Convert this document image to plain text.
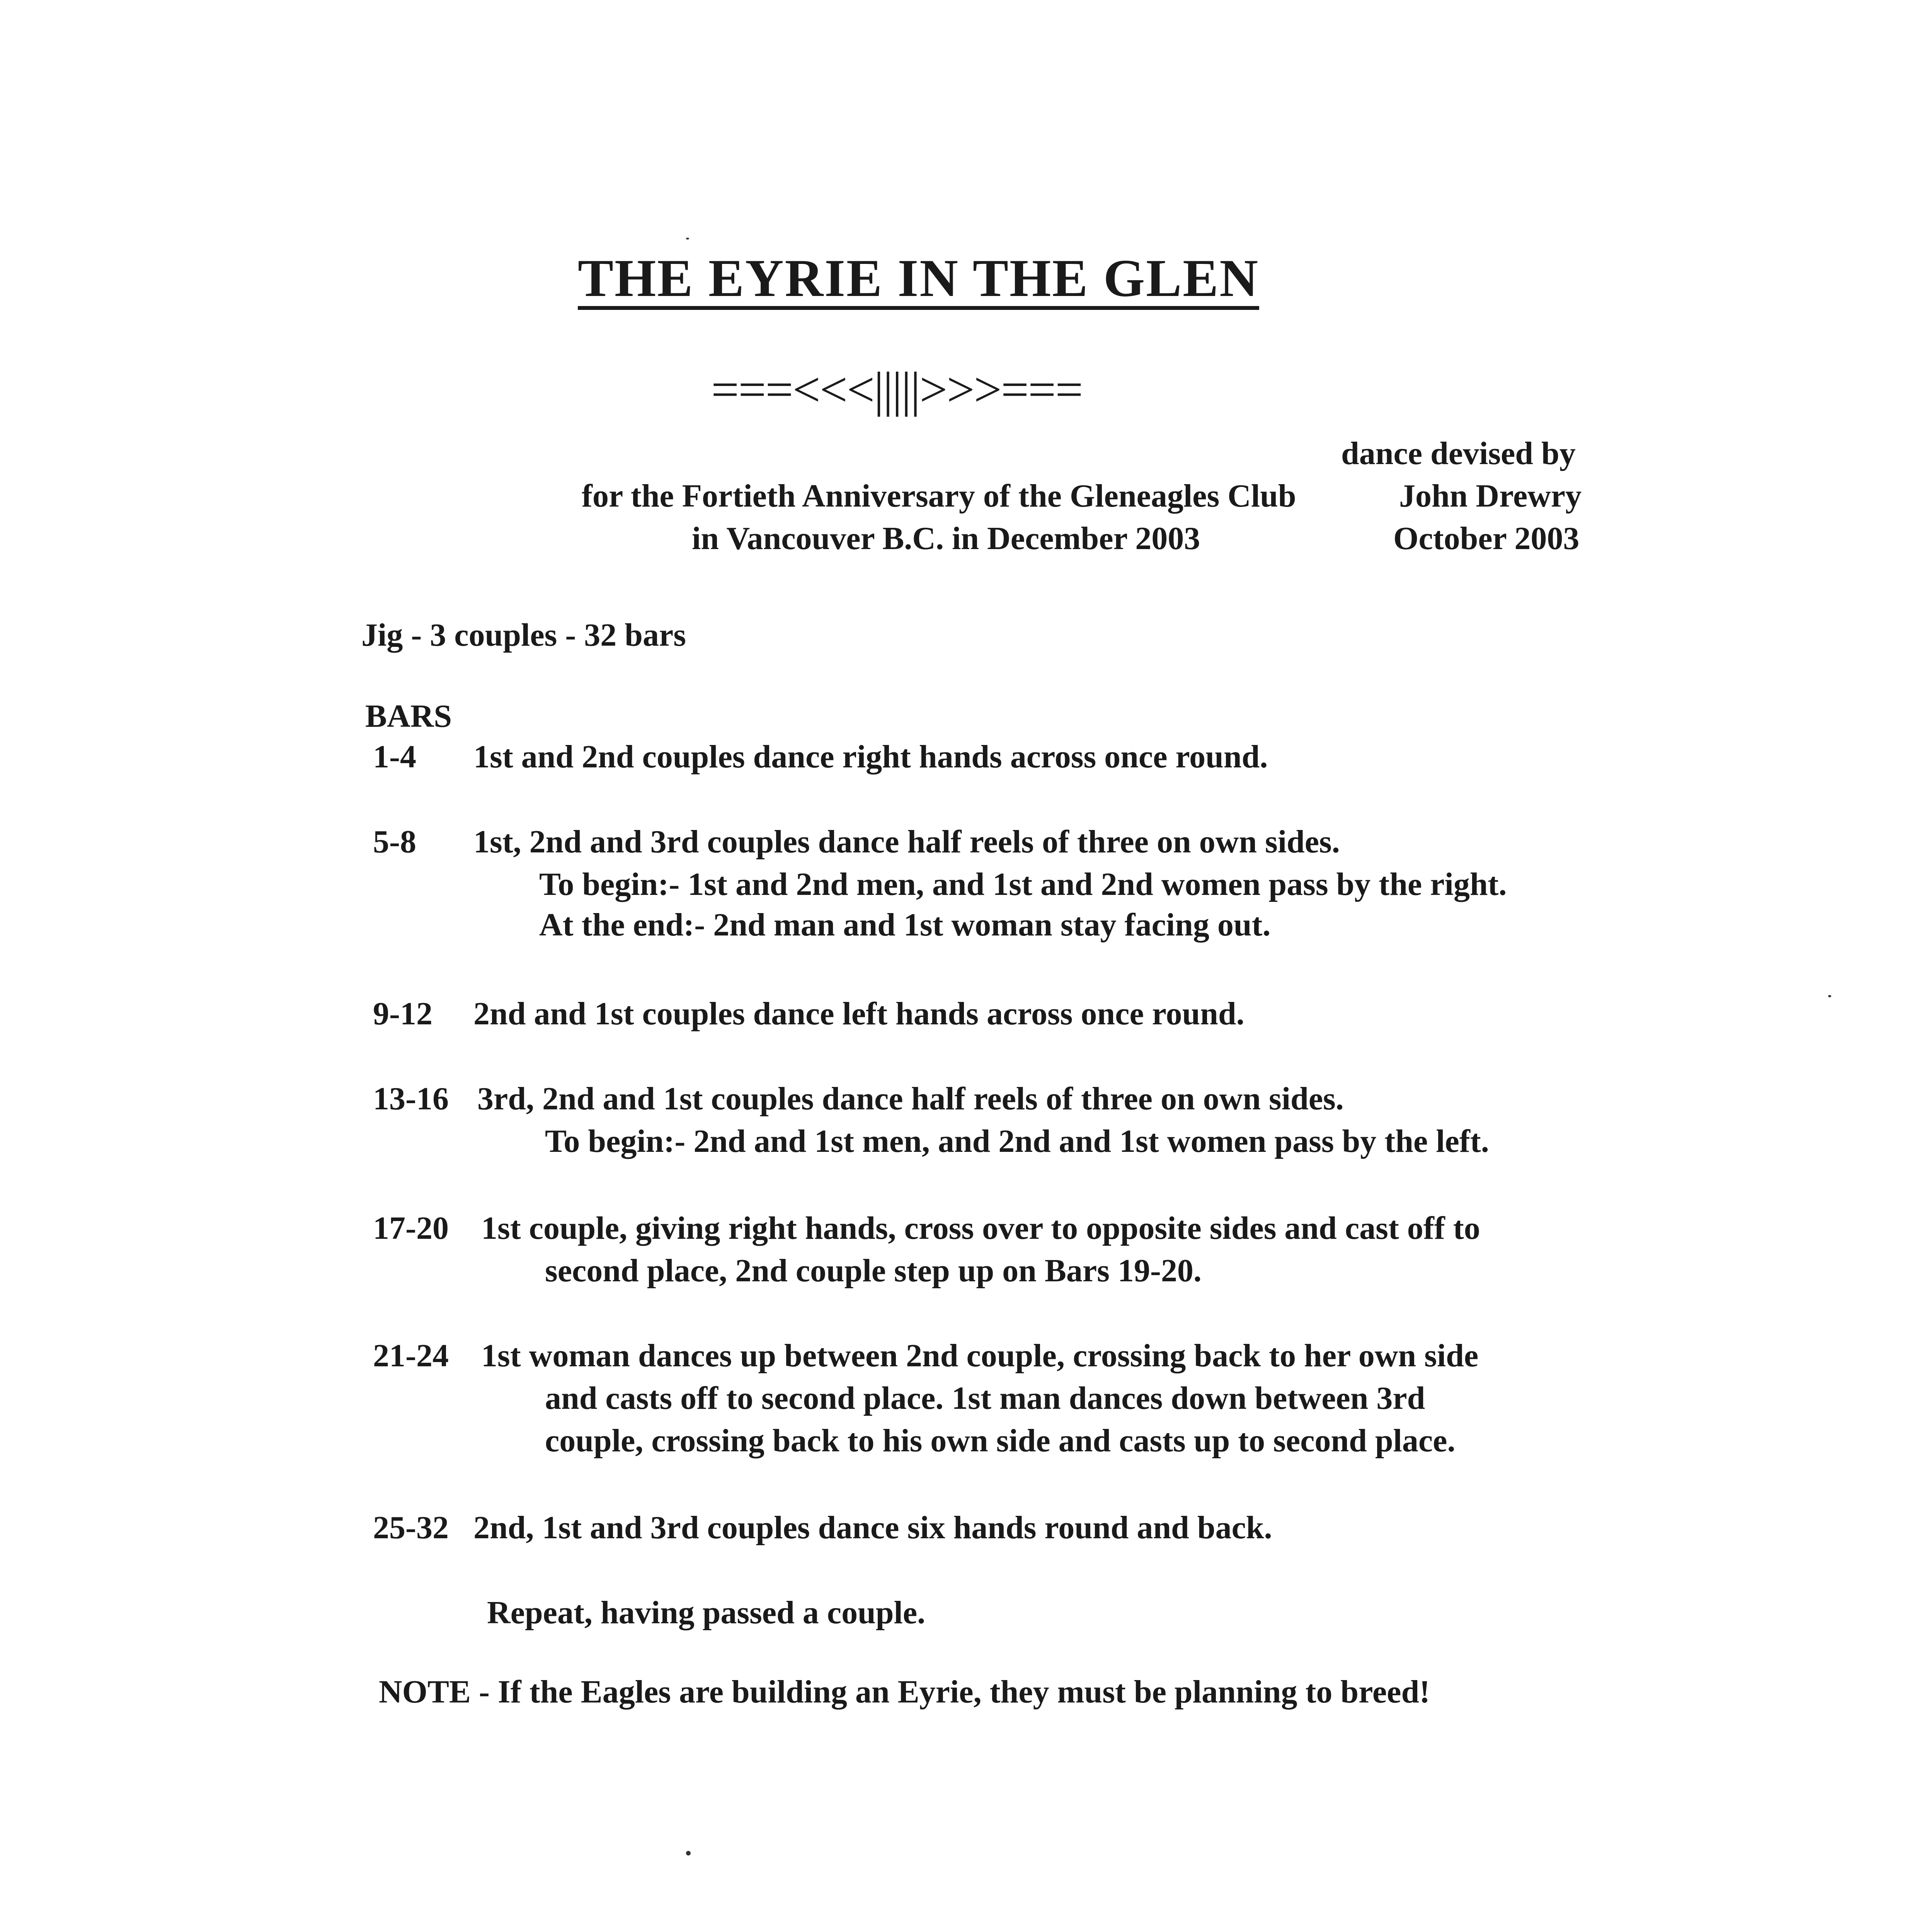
THE EYRIE IN THE GLEN
===<<<|||||>>>===
dance devised by
for the Fortieth Anniversary of the Gleneagles Club	John Drewry
in Vancouver B.C. in December 2003	October 2003
Jig - 3 couples - 32 bars
BARS
1-4 1st and 2nd couples dance right hands across once round.
5-8 1st, 2nd and 3rd couples dance half reels of three on own sides.
To begin:- 1st and 2nd men, and 1st and 2nd women pass by the right.
At the end:- 2nd man and 1st woman stay facing out.
9-12 2nd and 1st couples dance left hands across once round.
13-16 3rd, 2nd and 1st couples dance half reels of three on own sides.
To begin:- 2nd and 1st men, and 2nd and 1st women pass by the left.
17-20 1st couple, giving right hands, cross over to opposite sides and cast off to
second place, 2nd couple step up on Bars 19-20.
21-24 1st woman dances up between 2nd couple, crossing back to her own side
and casts off to second place. 1st man dances down between 3rd
couple, crossing back to his own side and casts up to second place.
25-32 2nd, 1st and 3rd couples dance six hands round and back.
Repeat, having passed a couple.
NOTE - If the Eagles are building an Eyrie, they must be planning to breed!
